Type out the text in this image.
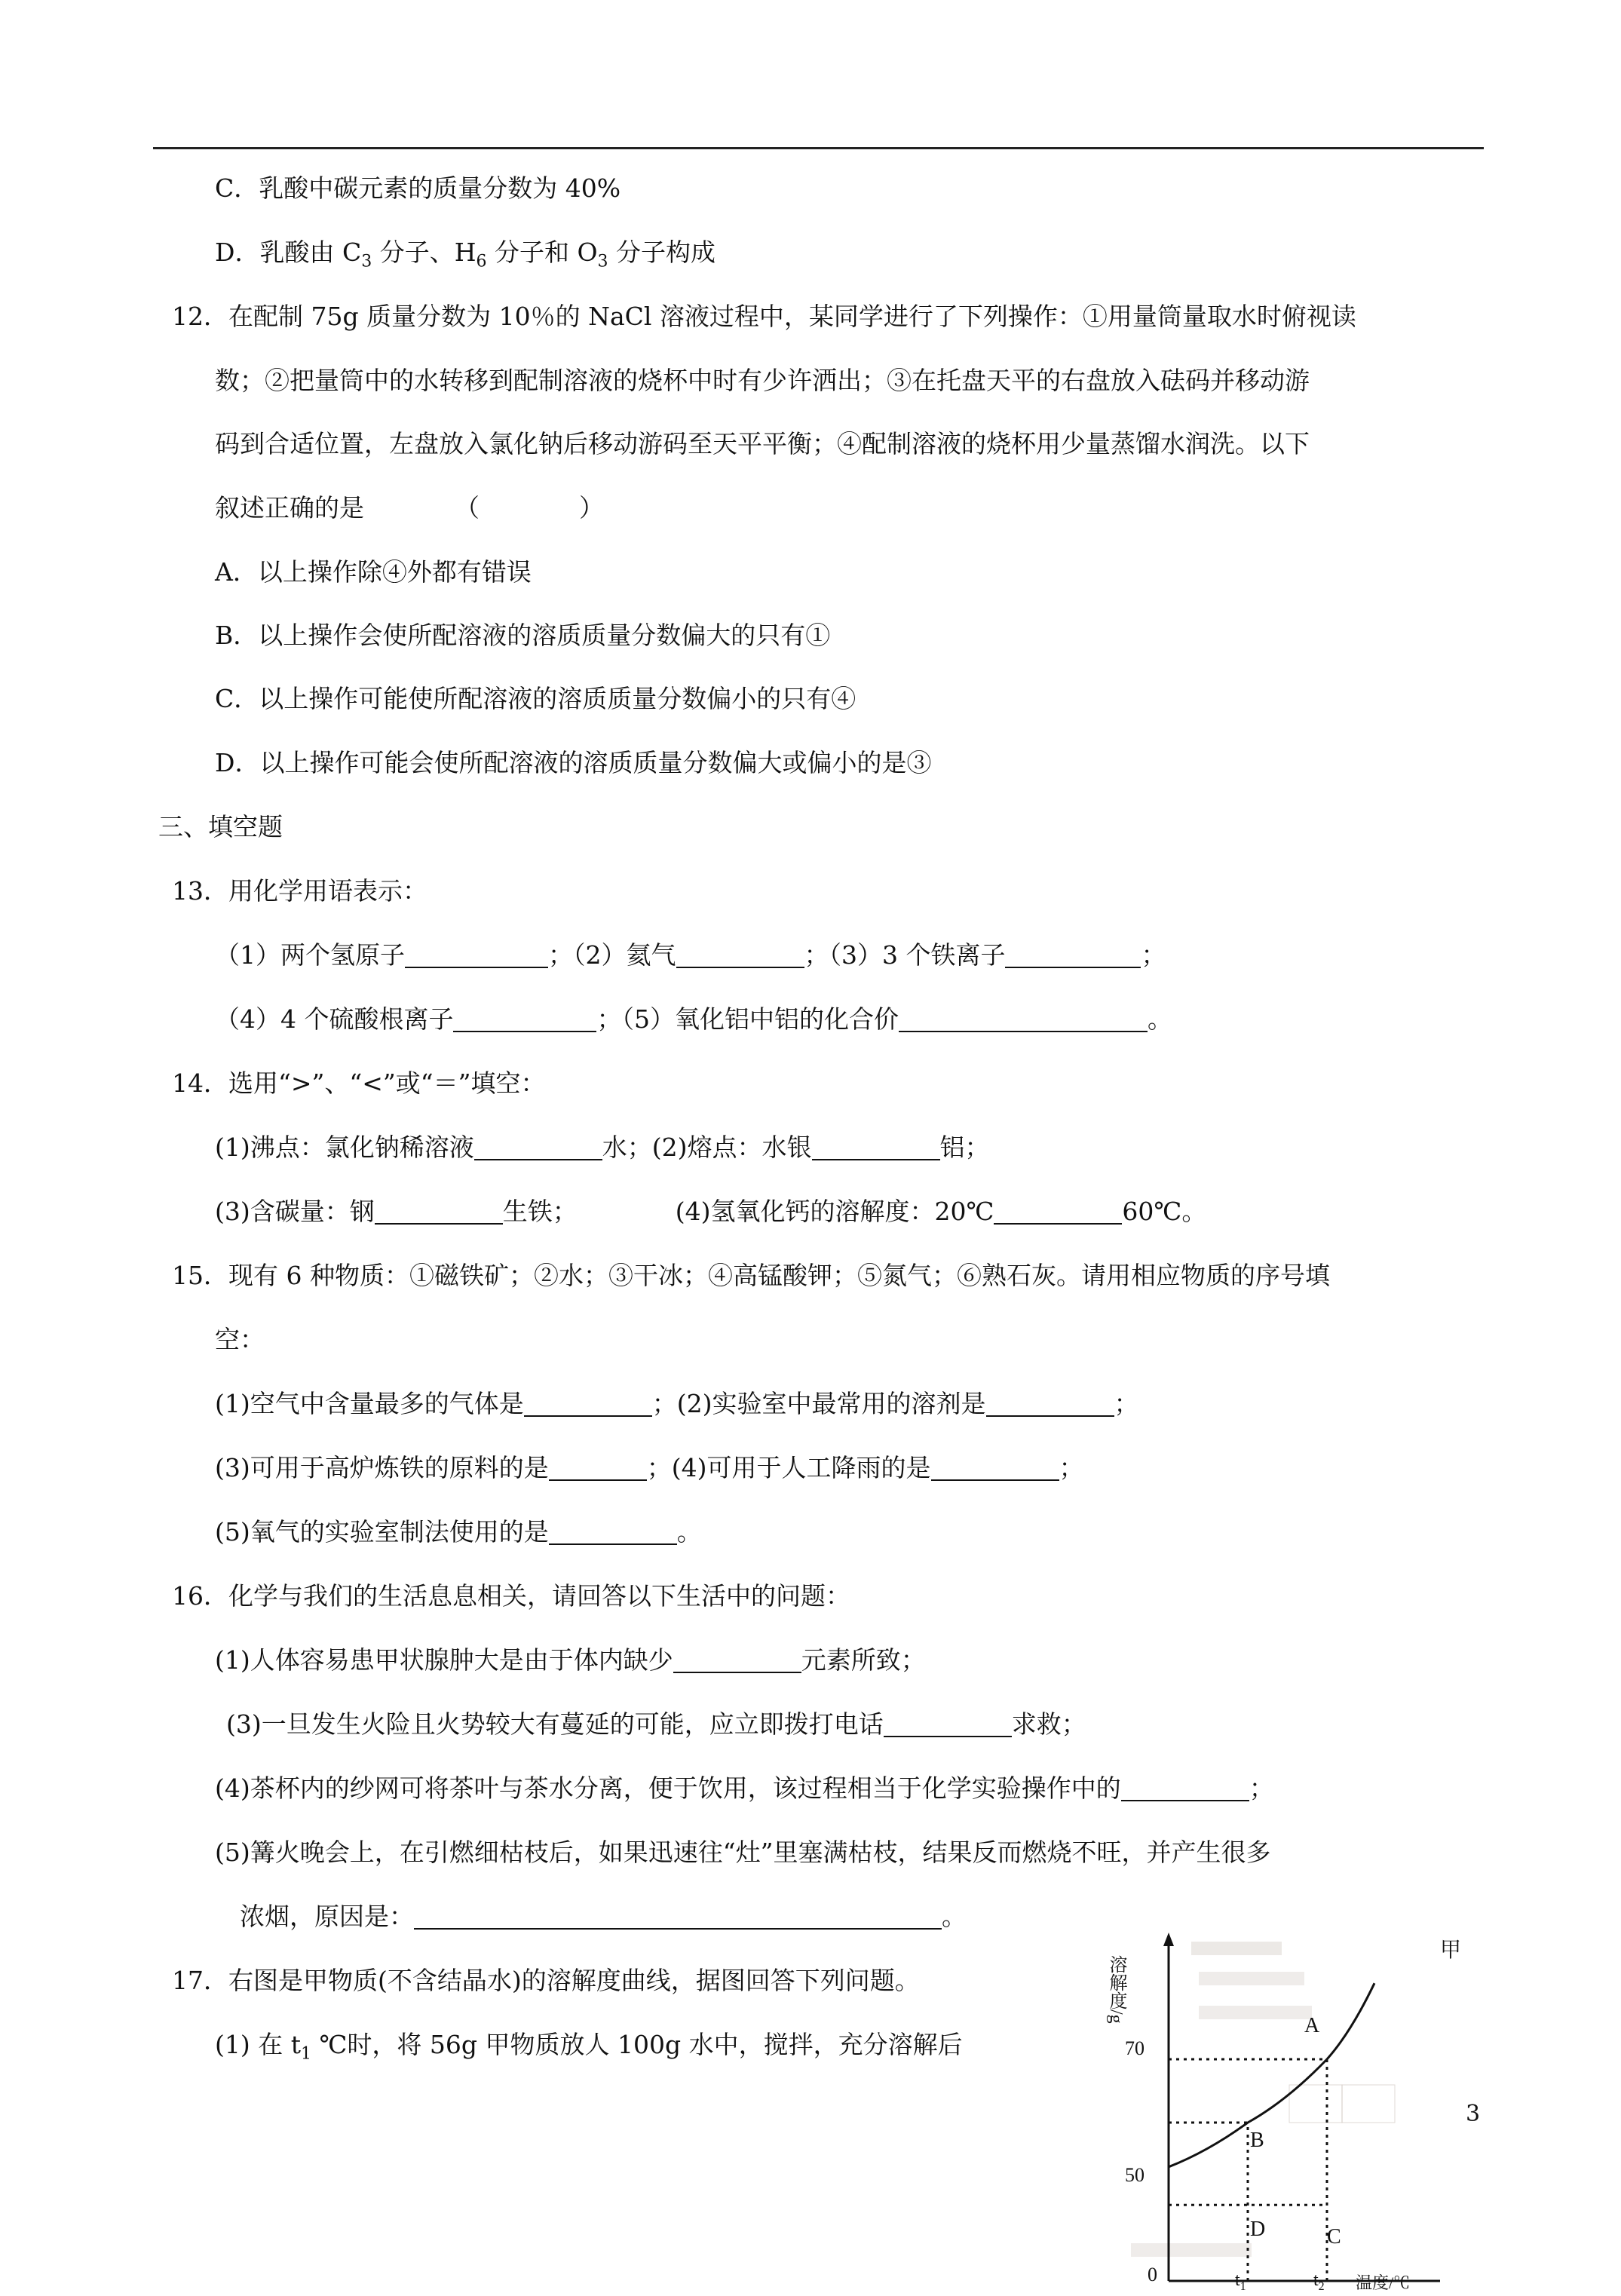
C．乳酸中碳元素的质量分数为 40%
D．乳酸由 $C_3$ 分子、$H_6$ 分子和 $O_3$ 分子构成
12．在配制 75g 质量分数为 10％的 NaCl 溶液过程中，某同学进行了下列操作：①用量筒量取水时俯视读
数；②把量筒中的水转移到配制溶液的烧杯中时有少许洒出；③在托盘天平的右盘放入砝码并移动游
码到合适位置，左盘放入氯化钠后移动游码至天平平衡；④配制溶液的烧杯用少量蒸馏水润洗。以下
叙述正确的是	（　　　　）
A．以上操作除④外都有错误
B．以上操作会使所配溶液的溶质质量分数偏大的只有①
C．以上操作可能使所配溶液的溶质质量分数偏小的只有④
D．以上操作可能会使所配溶液的溶质质量分数偏大或偏小的是③
三、填空题
13．用化学用语表示：
（1）两个氢原子	；（2）氦气	；（3）3 个铁离子	；
（4）4 个硫酸根离子	；（5）氧化铝中铝的化合价	。
14．选用“>”、“<”或“＝”填空：
(1)沸点：氯化钠稀溶液	水；(2)熔点：水银	铝；
(3)含碳量：钢	生铁；	(4)氢氧化钙的溶解度：20℃	60℃。
15．现有 6 种物质：①磁铁矿；②水；③干冰；④高锰酸钾；⑤氮气；⑥熟石灰。请用相应物质的序号填
空：
(1)空气中含量最多的气体是	；(2)实验室中最常用的溶剂是	；
(3)可用于高炉炼铁的原料的是	；(4)可用于人工降雨的是	；
(5)氧气的实验室制法使用的是	。
16．化学与我们的生活息息相关，请回答以下生活中的问题：
(1)人体容易患甲状腺肿大是由于体内缺少	元素所致；
(3)一旦发生火险且火势较大有蔓延的可能，应立即拨打电话	求救；
(4)茶杯内的纱网可将茶叶与茶水分离，便于饮用，该过程相当于化学实验操作中的	；
(5)篝火晚会上，在引燃细枯枝后，如果迅速往“灶”里塞满枯枝，结果反而燃烧不旺，并产生很多
浓烟，原因是：	。
17．右图是甲物质(不含结晶水)的溶解度曲线，据图回答下列问题。
(1) 在 $t_1$ ℃时，将 56g 甲物质放人 100g 水中，搅拌，充分溶解后
3
溶解度/g
甲
70
50
0	$t_1$	$t_2$ 温度/℃
A
B
C
D
